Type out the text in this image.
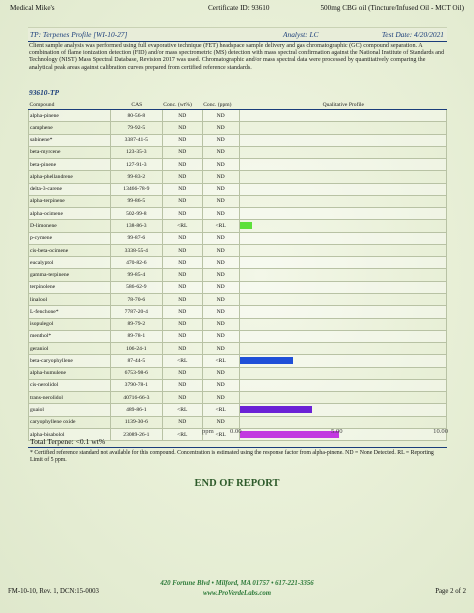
Medical Mike's	Certificate ID: 93610	500mg CBG oil (Tincture/Infused Oil - MCT Oil)
TP: Terpenes Profile [WI-10-27]	Analyst: LC	Test Date: 4/20/2021
Client sample analysis was performed using full evaporative technique (FET) headspace sample delivery and gas chromatographic (GC) compound separation. A combination of flame ionization detection (FID) and/or mass spectrometric (MS) detection with mass spectral confirmation against the National Institute of Standards and Technology (NIST) Mass Spectral Database, Revision 2017 was used. Chromatographic and/or mass spectral data were processed by quantitatively comparing the analytical peak areas against calibration curves prepared from certified reference standards.
93610-TP
Compound	CAS	Conc. (wt%)	Conc. (ppm)	Qualitative Profile
alpha-pinene	80-56-8	ND	ND	
camphene	79-92-5	ND	ND	
sabinene*	3387-41-5	ND	ND	
beta-myrcene	123-35-3	ND	ND	
beta-pinene	127-91-3	ND	ND	
alpha-phellandrene	99-83-2	ND	ND	
delta-3-carene	13466-78-9	ND	ND	
alpha-terpinene	99-86-5	ND	ND	
alpha-ocimene	502-99-8	ND	ND	
D-limonene	138-86-3	<RL	<RL	

p-cymene	99-87-6	ND	ND	
cis-beta-ocimene	3338-55-4	ND	ND	
eucalyptol	470-82-6	ND	ND	
gamma-terpinene	99-85-4	ND	ND	
terpinolene	586-62-9	ND	ND	
linalool	78-70-6	ND	ND	
L-fenchone*	7787-20-4	ND	ND	
isopulegol	89-79-2	ND	ND	
menthol*	89-78-1	ND	ND	
geraniol	106-24-1	ND	ND	
beta-caryophyllene	87-44-5	<RL	<RL	

alpha-humulene	6753-98-6	ND	ND	
cis-nerolidol	3790-78-1	ND	ND	
trans-nerolidol	40716-66-3	ND	ND	
guaiol	489-86-1	<RL	<RL	

caryophyllene oxide	1139-30-6	ND	ND	
alpha-bisabolol	23089-26-1	<RL	<RL	
ppm 0.00	5.00	10.00
Total Terpene: <0.1 wt%
* Certified reference standard not available for this compound. Concentration is estimated using the response factor from alpha-pinene. ND = None Detected. RL = Reporting Limit of 5 ppm.
END OF REPORT
420 Fortune Blvd • Milford, MA 01757 • 617-221-3356
www.ProVerdeLabs.com
FM-10-10, Rev. 1, DCN:15-0003	Page 2 of 2
